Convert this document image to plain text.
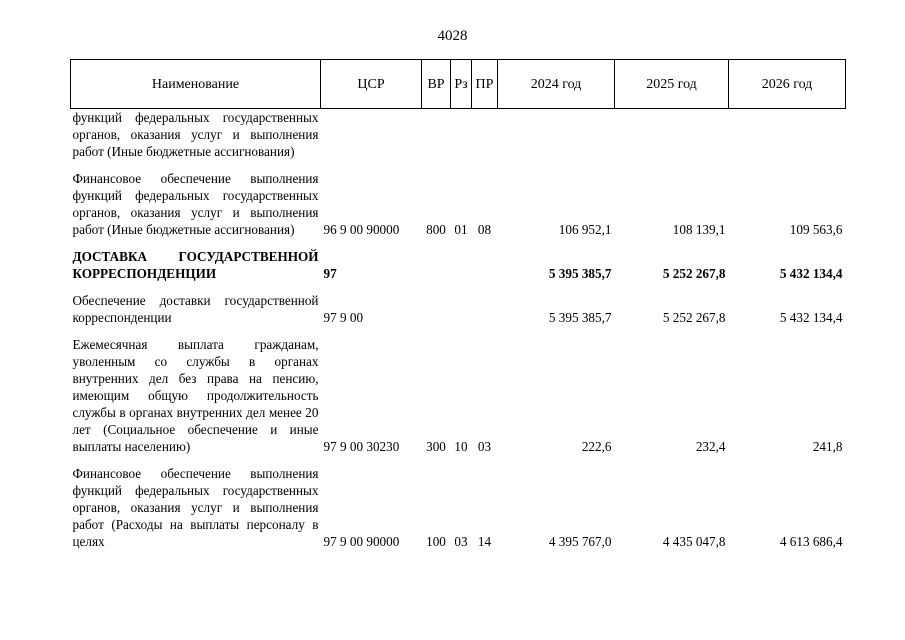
4028
Наименование	ЦСР	ВР	Рз	ПР	2024 год	2025 год	2026 год
функций федеральных государственных органов, оказания услуг и выполнения работ (Иные бюджетные ассигнования)							
Финансовое обеспечение выполнения функций федеральных государственных органов, оказания услуг и выполнения работ (Иные бюджетные ассигнования)	96 9 00 90000	800	01	08	106 952,1	108 139,1	109 563,6
ДОСТАВКА ГОСУДАРСТВЕННОЙ КОРРЕСПОНДЕНЦИИ	97				5 395 385,7	5 252 267,8	5 432 134,4
Обеспечение доставки государственной корреспонденции	97 9 00				5 395 385,7	5 252 267,8	5 432 134,4
Ежемесячная выплата гражданам, уволенным со службы в органах внутренних дел без права на пенсию, имеющим общую продолжительность службы в органах внутренних дел менее 20 лет (Социальное обеспечение и иные выплаты населению)	97 9 00 30230	300	10	03	222,6	232,4	241,8
Финансовое обеспечение выполнения функций федеральных государственных органов, оказания услуг и выполнения работ (Расходы на выплаты персоналу в целях	97 9 00 90000	100	03	14	4 395 767,0	4 435 047,8	4 613 686,4
